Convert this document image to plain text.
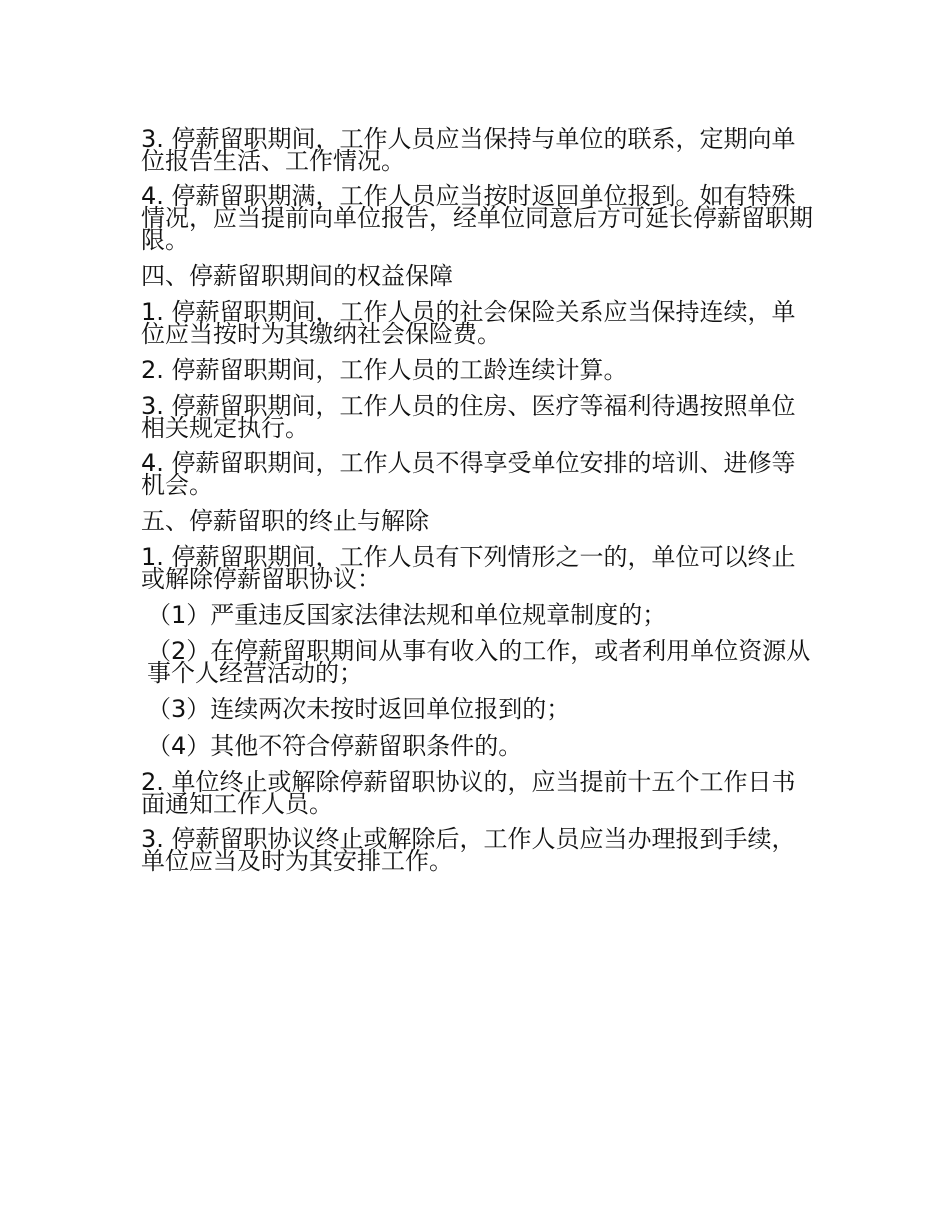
3. 停薪留职期间，工作人员应当保持与单位的联系，定期向单位报告生活、工作情况。

4. 停薪留职期满，工作人员应当按时返回单位报到。如有特殊情况，应当提前向单位报告，经单位同意后方可延长停薪留职期限。

四、停薪留职期间的权益保障

1. 停薪留职期间，工作人员的社会保险关系应当保持连续，单位应当按时为其缴纳社会保险费。

2. 停薪留职期间，工作人员的工龄连续计算。

3. 停薪留职期间，工作人员的住房、医疗等福利待遇按照单位相关规定执行。

4. 停薪留职期间，工作人员不得享受单位安排的培训、进修等机会。

五、停薪留职的终止与解除

1. 停薪留职期间，工作人员有下列情形之一的，单位可以终止或解除停薪留职协议：

（1）严重违反国家法律法规和单位规章制度的；

（2）在停薪留职期间从事有收入的工作，或者利用单位资源从事个人经营活动的；

（3）连续两次未按时返回单位报到的；

（4）其他不符合停薪留职条件的。

2. 单位终止或解除停薪留职协议的，应当提前十五个工作日书面通知工作人员。

3. 停薪留职协议终止或解除后，工作人员应当办理报到手续，单位应当及时为其安排工作。
